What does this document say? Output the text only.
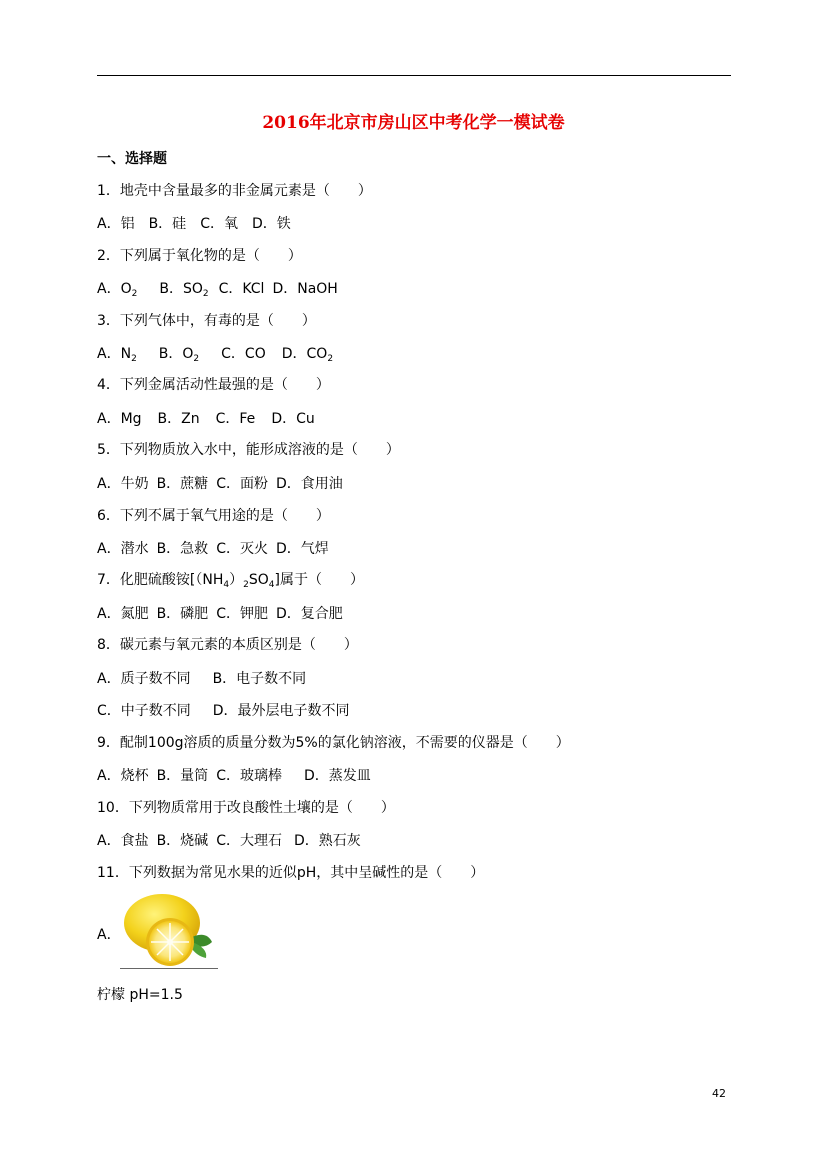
2016年北京市房山区中考化学一模试卷
一、选择题
1．地壳中含量最多的非金属元素是（　　）
A．铝 B．硅 C．氧 D．铁
2．下列属于氧化物的是（　　）
A．$O_2$ B．$SO_2$ C．KCl D．NaOH
3．下列气体中，有毒的是（　　）
A．$N_2$ B．$O_2$ C．CO D．$CO_2$
4．下列金属活动性最强的是（　　）
A．Mg B．Zn C．Fe D．Cu
5．下列物质放入水中，能形成溶液的是（　　）
A．牛奶 B．蔗糖 C．面粉 D．食用油
6．下列不属于氧气用途的是（　　）
A．潜水 B．急救 C．灭火 D．气焊
7．化肥硫酸铵$[(NH_4)_2SO_4]$属于（　　）
A．氮肥 B．磷肥 C．钾肥 D．复合肥
8．碳元素与氧元素的本质区别是（　　）
A．质子数不同 B．电子数不同
C．中子数不同 D．最外层电子数不同
9．配制100g溶质的质量分数为5%的氯化钠溶液，不需要的仪器是（　　）
A．烧杯 B．量筒 C．玻璃棒 D．蒸发皿
10．下列物质常用于改良酸性土壤的是（　　）
A．食盐 B．烧碱 C．大理石 D．熟石灰
11．下列数据为常见水果的近似pH，其中呈碱性的是（　　）
A．
柠檬 pH=1.5
42
